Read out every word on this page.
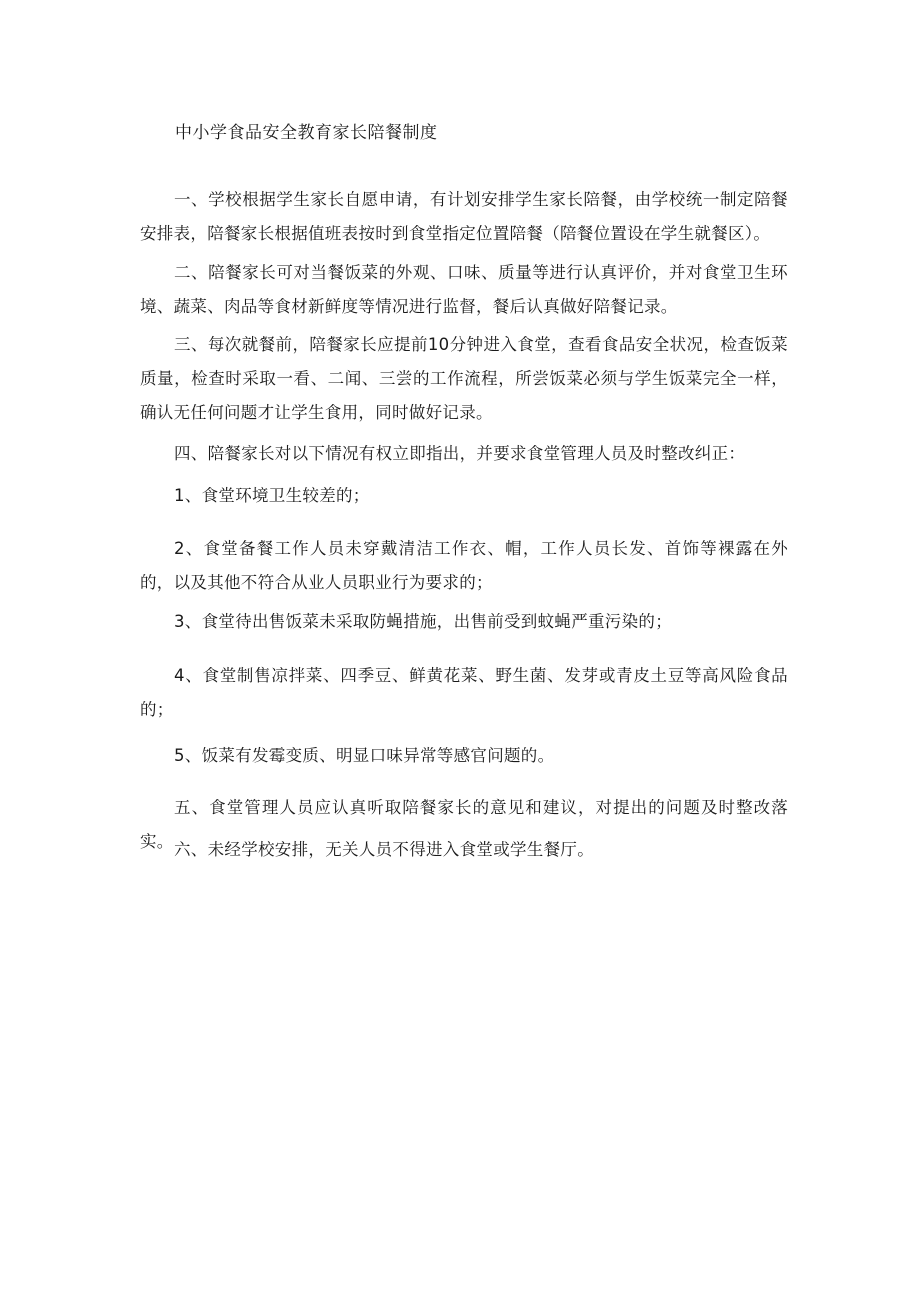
中小学食品安全教育家长陪餐制度

一、学校根据学生家长自愿申请，有计划安排学生家长陪餐，由学校统一制定陪餐安排表，陪餐家长根据值班表按时到食堂指定位置陪餐（陪餐位置设在学生就餐区）。

二、陪餐家长可对当餐饭菜的外观、口味、质量等进行认真评价，并对食堂卫生环境、蔬菜、肉品等食材新鲜度等情况进行监督，餐后认真做好陪餐记录。

三、每次就餐前，陪餐家长应提前10分钟进入食堂，查看食品安全状况，检查饭菜质量，检查时采取一看、二闻、三尝的工作流程，所尝饭菜必须与学生饭菜完全一样，确认无任何问题才让学生食用，同时做好记录。

四、陪餐家长对以下情况有权立即指出，并要求食堂管理人员及时整改纠正：

1、食堂环境卫生较差的；

2、食堂备餐工作人员未穿戴清洁工作衣、帽，工作人员长发、首饰等裸露在外的，以及其他不符合从业人员职业行为要求的；

3、食堂待出售饭菜未采取防蝇措施，出售前受到蚊蝇严重污染的；

4、食堂制售凉拌菜、四季豆、鲜黄花菜、野生菌、发芽或青皮土豆等高风险食品的；

5、饭菜有发霉变质、明显口味异常等感官问题的。

五、食堂管理人员应认真听取陪餐家长的意见和建议，对提出的问题及时整改落实。 六、未经学校安排，无关人员不得进入食堂或学生餐厅。
